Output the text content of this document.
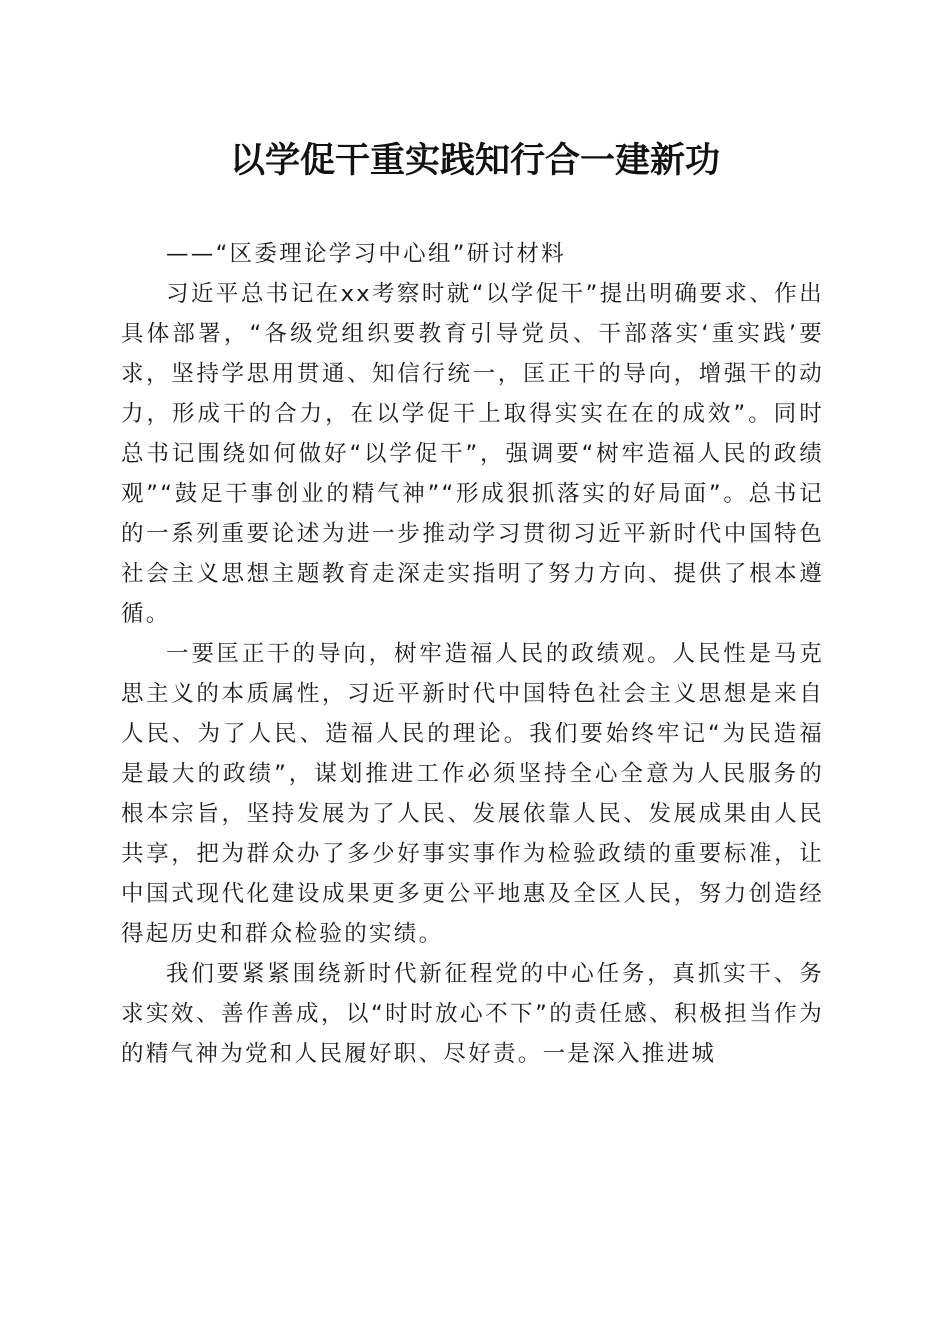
以学促干重实践知行合一建新功

——“区委理论学习中心组”研讨材料

习近平总书记在xx考察时就“以学促干”提出明确要求、作出具体部署，“各级党组织要教育引导党员、干部落实‘重实践’要求，坚持学思用贯通、知信行统一，匡正干的导向，增强干的动力，形成干的合力，在以学促干上取得实实在在的成效”。同时总书记围绕如何做好“以学促干”，强调要“树牢造福人民的政绩观”“鼓足干事创业的精气神”“形成狠抓落实的好局面”。总书记的一系列重要论述为进一步推动学习贯彻习近平新时代中国特色社会主义思想主题教育走深走实指明了努力方向、提供了根本遵循。

一要匡正干的导向，树牢造福人民的政绩观。人民性是马克思主义的本质属性，习近平新时代中国特色社会主义思想是来自人民、为了人民、造福人民的理论。我们要始终牢记“为民造福是最大的政绩”，谋划推进工作必须坚持全心全意为人民服务的根本宗旨，坚持发展为了人民、发展依靠人民、发展成果由人民共享，把为群众办了多少好事实事作为检验政绩的重要标准，让中国式现代化建设成果更多更公平地惠及全区人民，努力创造经得起历史和群众检验的实绩。

我们要紧紧围绕新时代新征程党的中心任务，真抓实干、务求实效、善作善成，以“时时放心不下”的责任感、积极担当作为的精气神为党和人民履好职、尽好责。一是深入推进城
